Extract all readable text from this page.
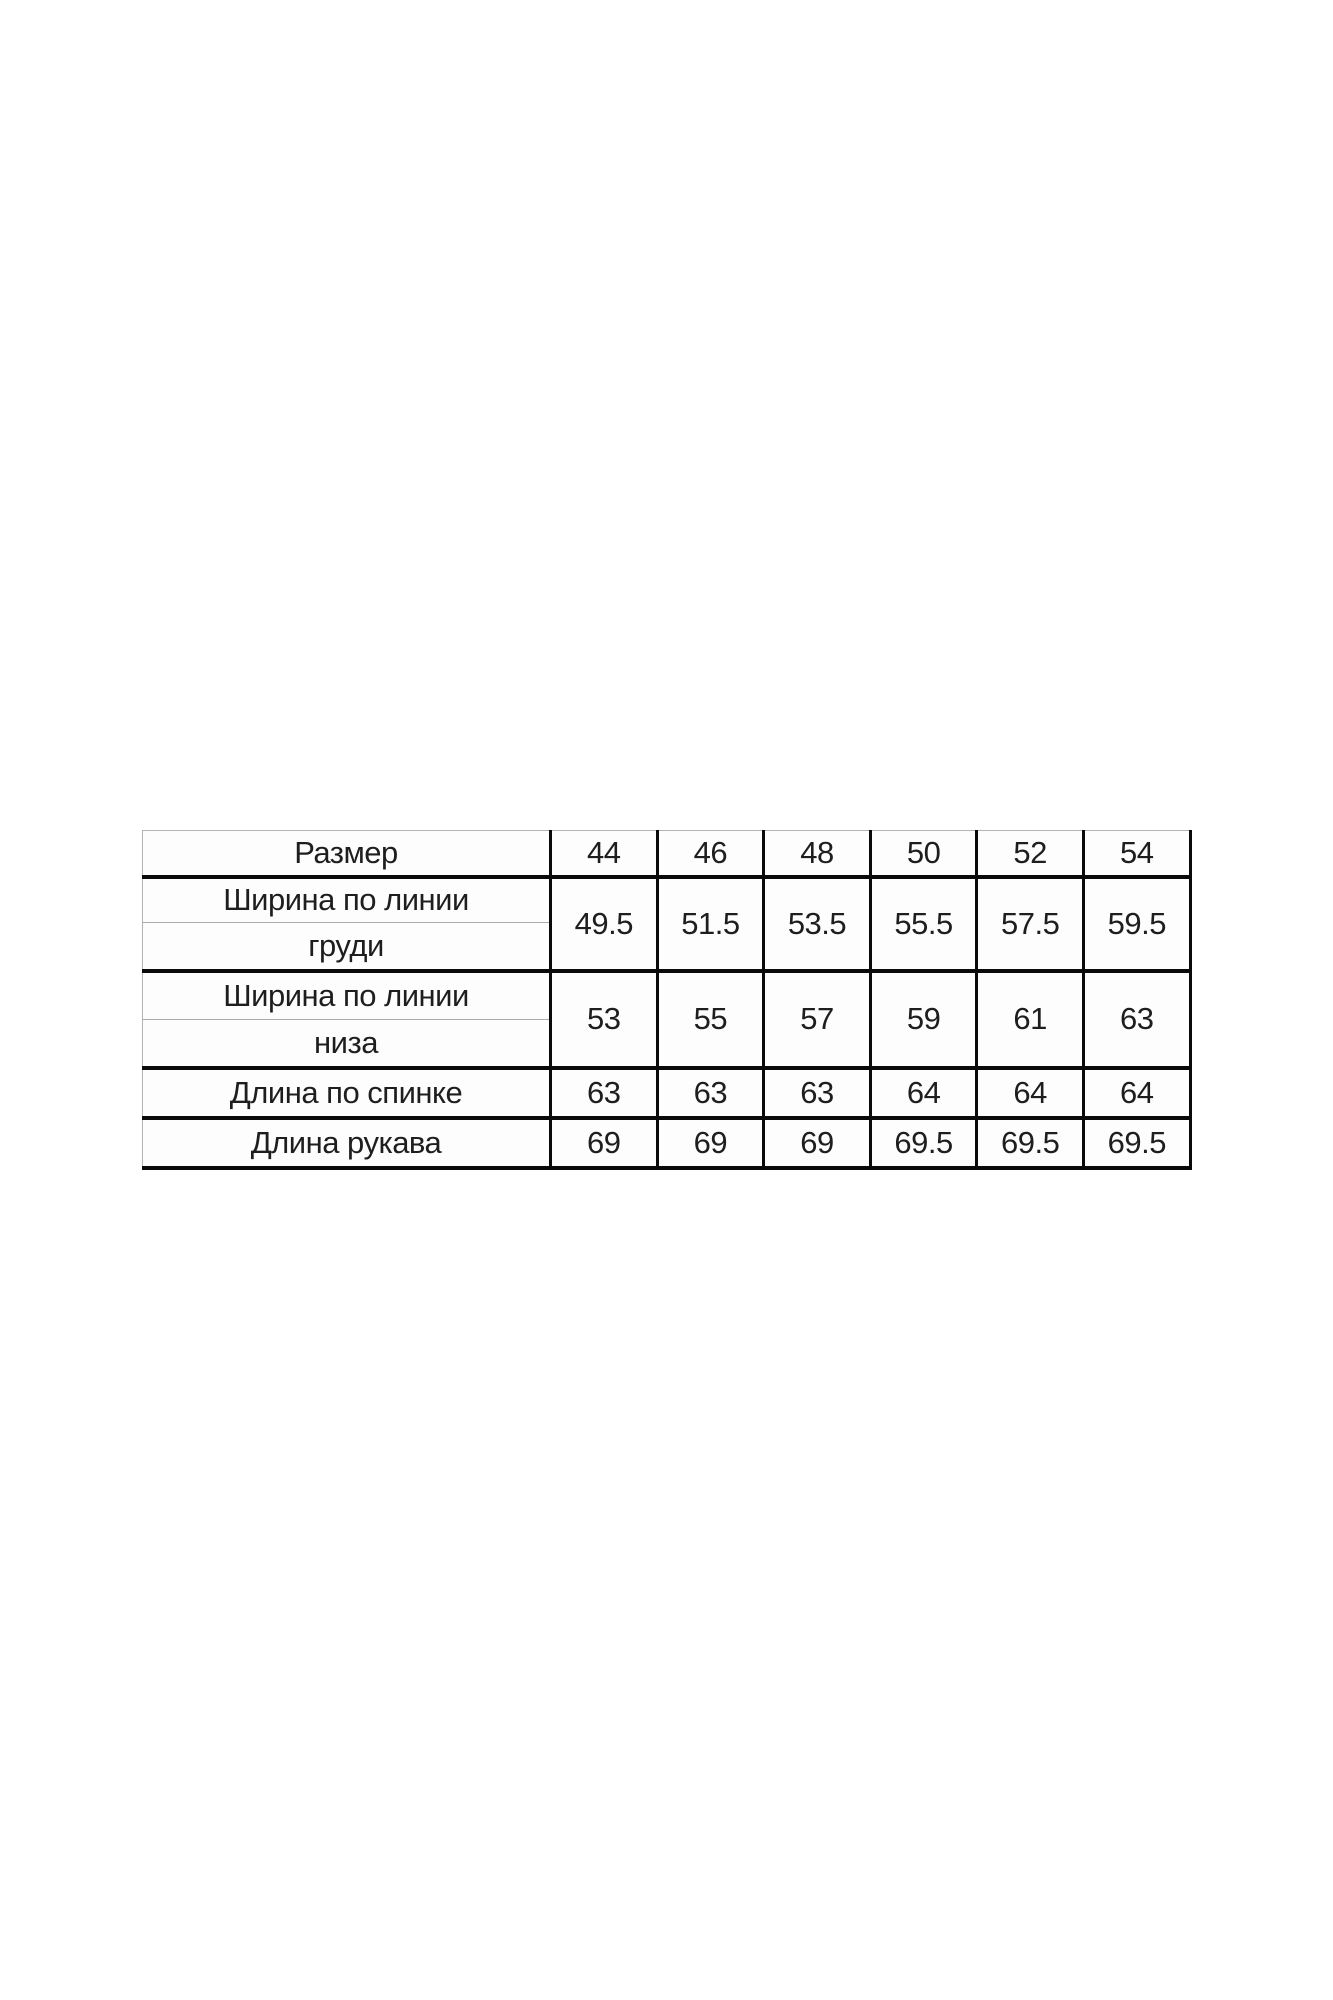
Размер	44	46	48	50	52	54
Ширина по линии	49.5	51.5	53.5	55.5	57.5	59.5
груди						
Ширина по линии	53	55	57	59	61	63
низа						
Длина по спинке	63	63	63	64	64	64
Длина рукава	69	69	69	69.5	69.5	69.5
